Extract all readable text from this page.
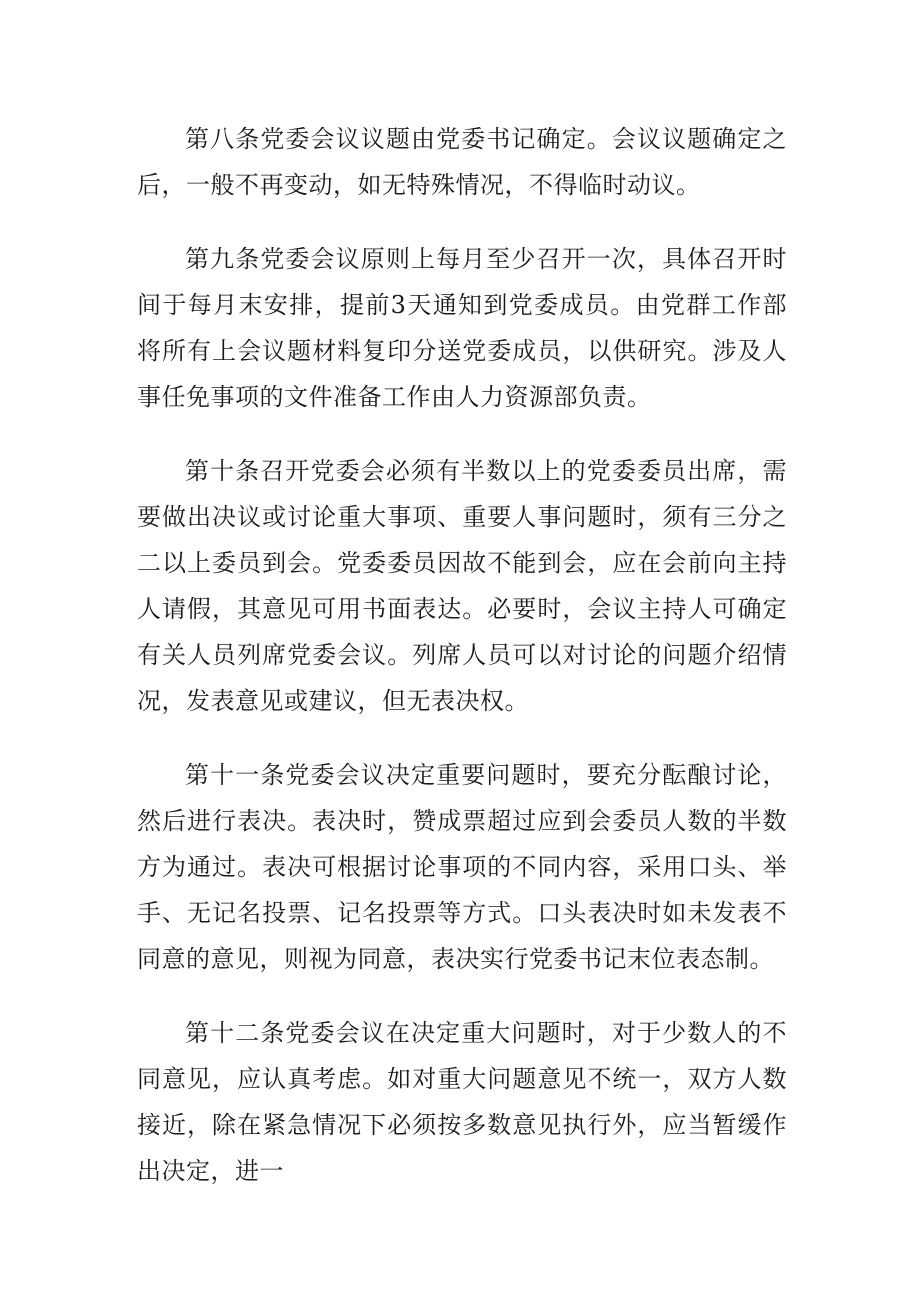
第八条党委会议议题由党委书记确定。会议议题确定之后，一般不再变动，如无特殊情况，不得临时动议。

第九条党委会议原则上每月至少召开一次，具体召开时间于每月末安排，提前3天通知到党委成员。由党群工作部将所有上会议题材料复印分送党委成员，以供研究。涉及人事任免事项的文件准备工作由人力资源部负责。

第十条召开党委会必须有半数以上的党委委员出席，需要做出决议或讨论重大事项、重要人事问题时，须有三分之二以上委员到会。党委委员因故不能到会，应在会前向主持人请假，其意见可用书面表达。必要时，会议主持人可确定有关人员列席党委会议。列席人员可以对讨论的问题介绍情况，发表意见或建议，但无表决权。

第十一条党委会议决定重要问题时，要充分酝酿讨论，然后进行表决。表决时，赞成票超过应到会委员人数的半数方为通过。表决可根据讨论事项的不同内容，采用口头、举手、无记名投票、记名投票等方式。口头表决时如未发表不同意的意见，则视为同意，表决实行党委书记末位表态制。

第十二条党委会议在决定重大问题时，对于少数人的不同意见，应认真考虑。如对重大问题意见不统一，双方人数接近，除在紧急情况下必须按多数意见执行外，应当暂缓作出决定，进一
